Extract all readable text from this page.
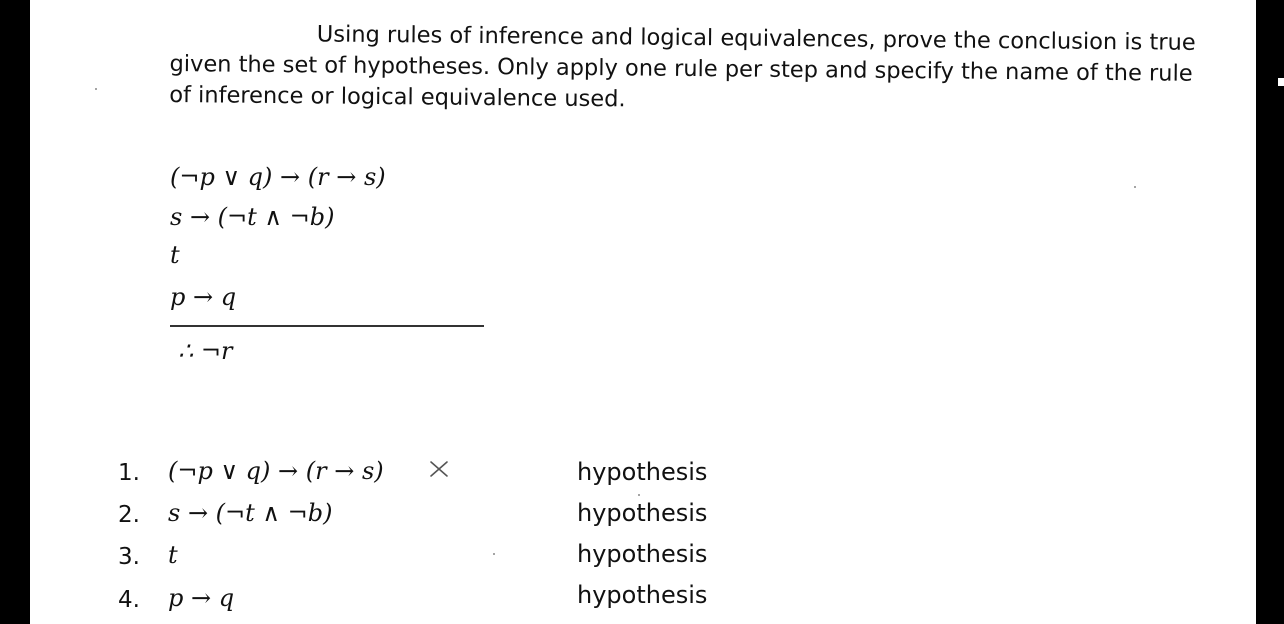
Using rules of inference and logical equivalences, prove the conclusion is true
given the set of hypotheses. Only apply one rule per step and specify the name of the rule
of inference or logical equivalence used.
(¬p ∨ q) → (r → s)
s → (¬t ∧ ¬b)
t
p → q
∴ ¬r
1. (¬p ∨ q) → (r → s)	hypothesis
2. s → (¬t ∧ ¬b)	hypothesis
3. t	hypothesis
4. p → q	hypothesis
